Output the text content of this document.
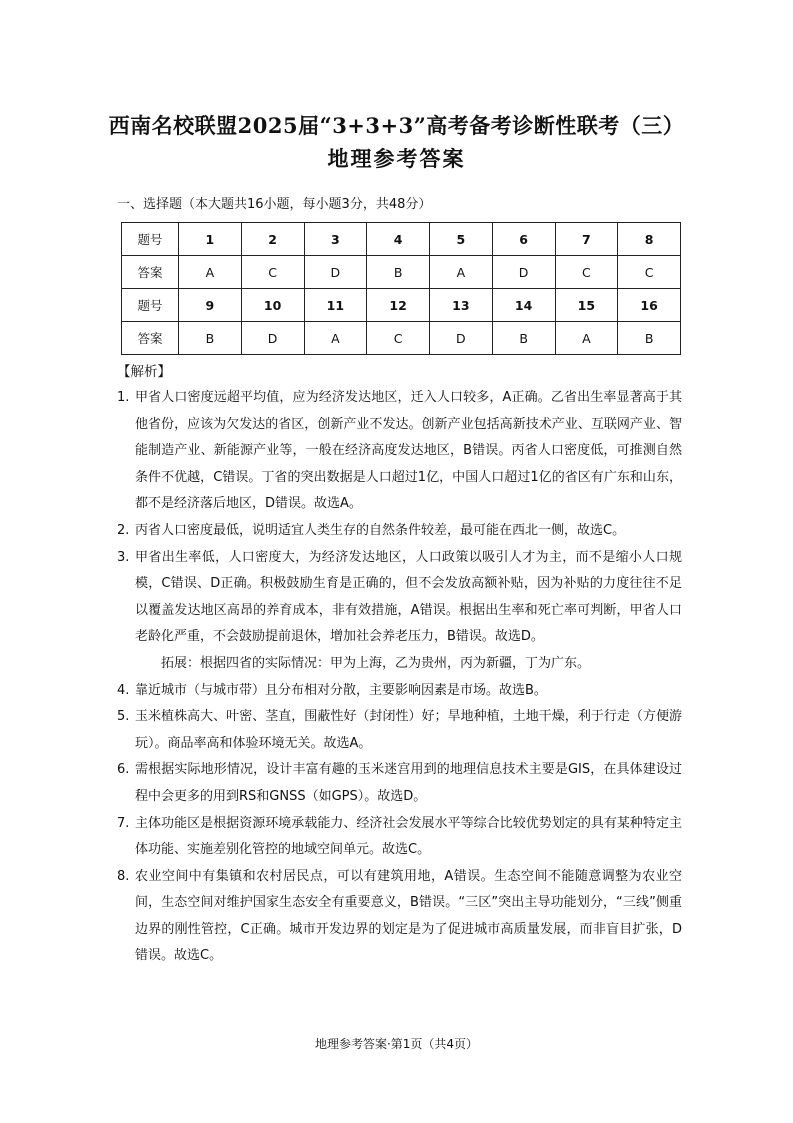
西南名校联盟2025届“3+3+3”高考备考诊断性联考（三）
地理参考答案
一、选择题（本大题共16小题，每小题3分，共48分）
题号	1	2	3	4	5	6	7	8
答案	A	C	D	B	A	D	C	C
题号	9	10	11	12	13	14	15	16
答案	B	D	A	C	D	B	A	B
【解析】
1. 甲省人口密度远超平均值，应为经济发达地区，迁入人口较多，A正确。乙省出生率显著高于其他省份，应该为欠发达的省区，创新产业不发达。创新产业包括高新技术产业、互联网产业、智能制造产业、新能源产业等，一般在经济高度发达地区，B错误。丙省人口密度低，可推测自然条件不优越，C错误。丁省的突出数据是人口超过1亿，中国人口超过1亿的省区有广东和山东，都不是经济落后地区，D错误。故选A。
2. 丙省人口密度最低，说明适宜人类生存的自然条件较差，最可能在西北一侧，故选C。
3. 甲省出生率低，人口密度大，为经济发达地区，人口政策以吸引人才为主，而不是缩小人口规模，C错误、D正确。积极鼓励生育是正确的，但不会发放高额补贴，因为补贴的力度往往不足以覆盖发达地区高昂的养育成本，非有效措施，A错误。根据出生率和死亡率可判断，甲省人口老龄化严重，不会鼓励提前退休，增加社会养老压力，B错误。故选D。
拓展：根据四省的实际情况：甲为上海，乙为贵州，丙为新疆，丁为广东。
4. 靠近城市（与城市带）且分布相对分散，主要影响因素是市场。故选B。
5. 玉米植株高大、叶密、茎直，围蔽性好（封闭性）好；旱地种植，土地干燥，利于行走（方便游玩）。商品率高和体验环境无关。故选A。
6. 需根据实际地形情况，设计丰富有趣的玉米迷宫用到的地理信息技术主要是GIS，在具体建设过程中会更多的用到RS和GNSS（如GPS）。故选D。
7. 主体功能区是根据资源环境承载能力、经济社会发展水平等综合比较优势划定的具有某种特定主体功能、实施差别化管控的地域空间单元。故选C。
8. 农业空间中有集镇和农村居民点，可以有建筑用地，A错误。生态空间不能随意调整为农业空间，生态空间对维护国家生态安全有重要意义，B错误。“三区”突出主导功能划分，“三线”侧重边界的刚性管控，C正确。城市开发边界的划定是为了促进城市高质量发展，而非盲目扩张，D错误。故选C。
地理参考答案·第1页（共4页）
